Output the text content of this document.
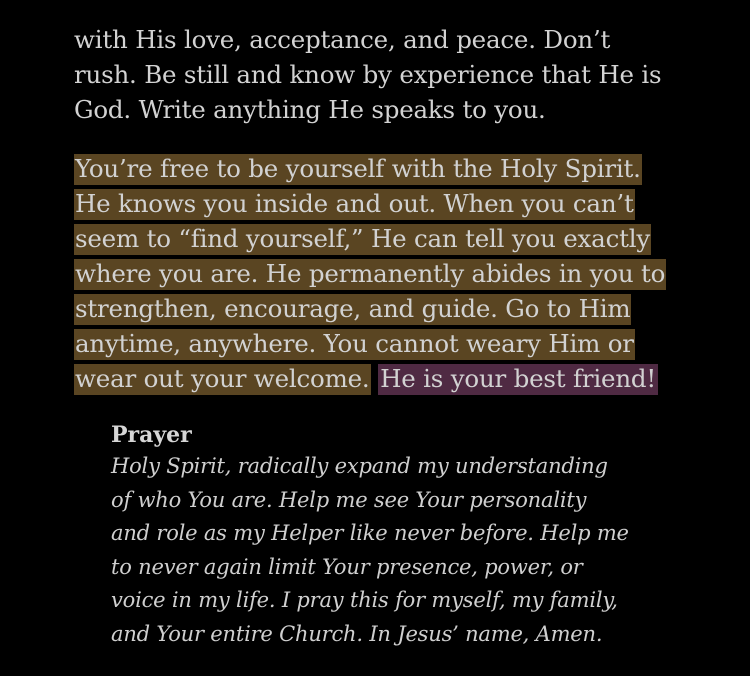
with His love, acceptance, and peace. Don’t
rush. Be still and know by experience that He is
God. Write anything He speaks to you.
You’re free to be yourself with the Holy Spirit.
He knows you inside and out. When you can’t
seem to “find yourself,” He can tell you exactly
where you are. He permanently abides in you to
strengthen, encourage, and guide. Go to Him
anytime, anywhere. You cannot weary Him or
wear out your welcome. He is your best friend!
Prayer
Holy Spirit, radically expand my understanding
of who You are. Help me see Your personality
and role as my Helper like never before. Help me
to never again limit Your presence, power, or
voice in my life. I pray this for myself, my family,
and Your entire Church. In Jesus’ name, Amen.
